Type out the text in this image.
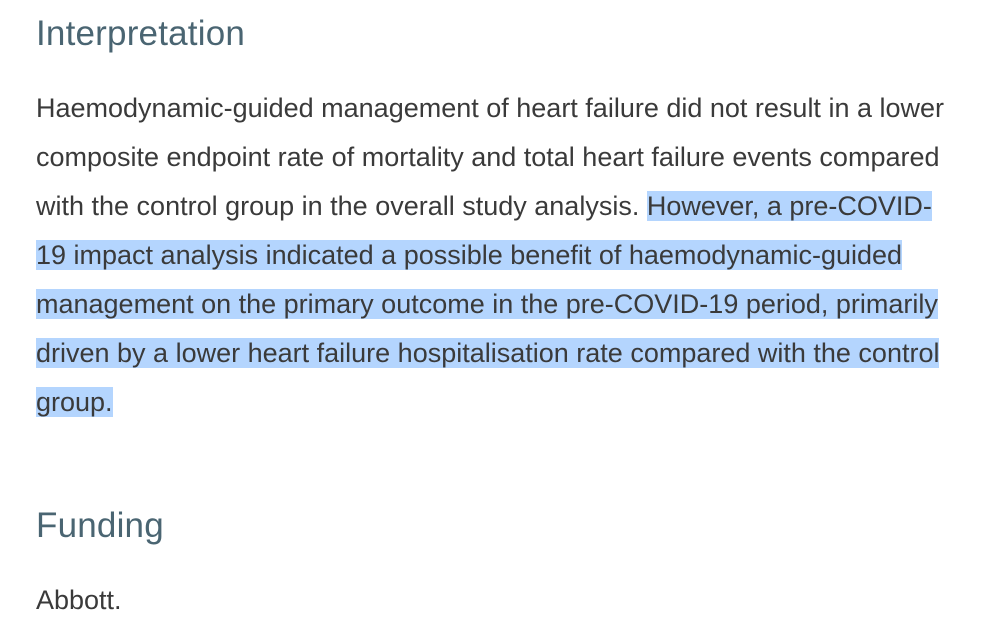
Interpretation

Haemodynamic-guided management of heart failure did not result in a lower composite endpoint rate of mortality and total heart failure events compared with the control group in the overall study analysis. However, a pre-COVID-19 impact analysis indicated a possible benefit of haemodynamic-guided management on the primary outcome in the pre-COVID-19 period, primarily driven by a lower heart failure hospitalisation rate compared with the control group.

Funding

Abbott.
